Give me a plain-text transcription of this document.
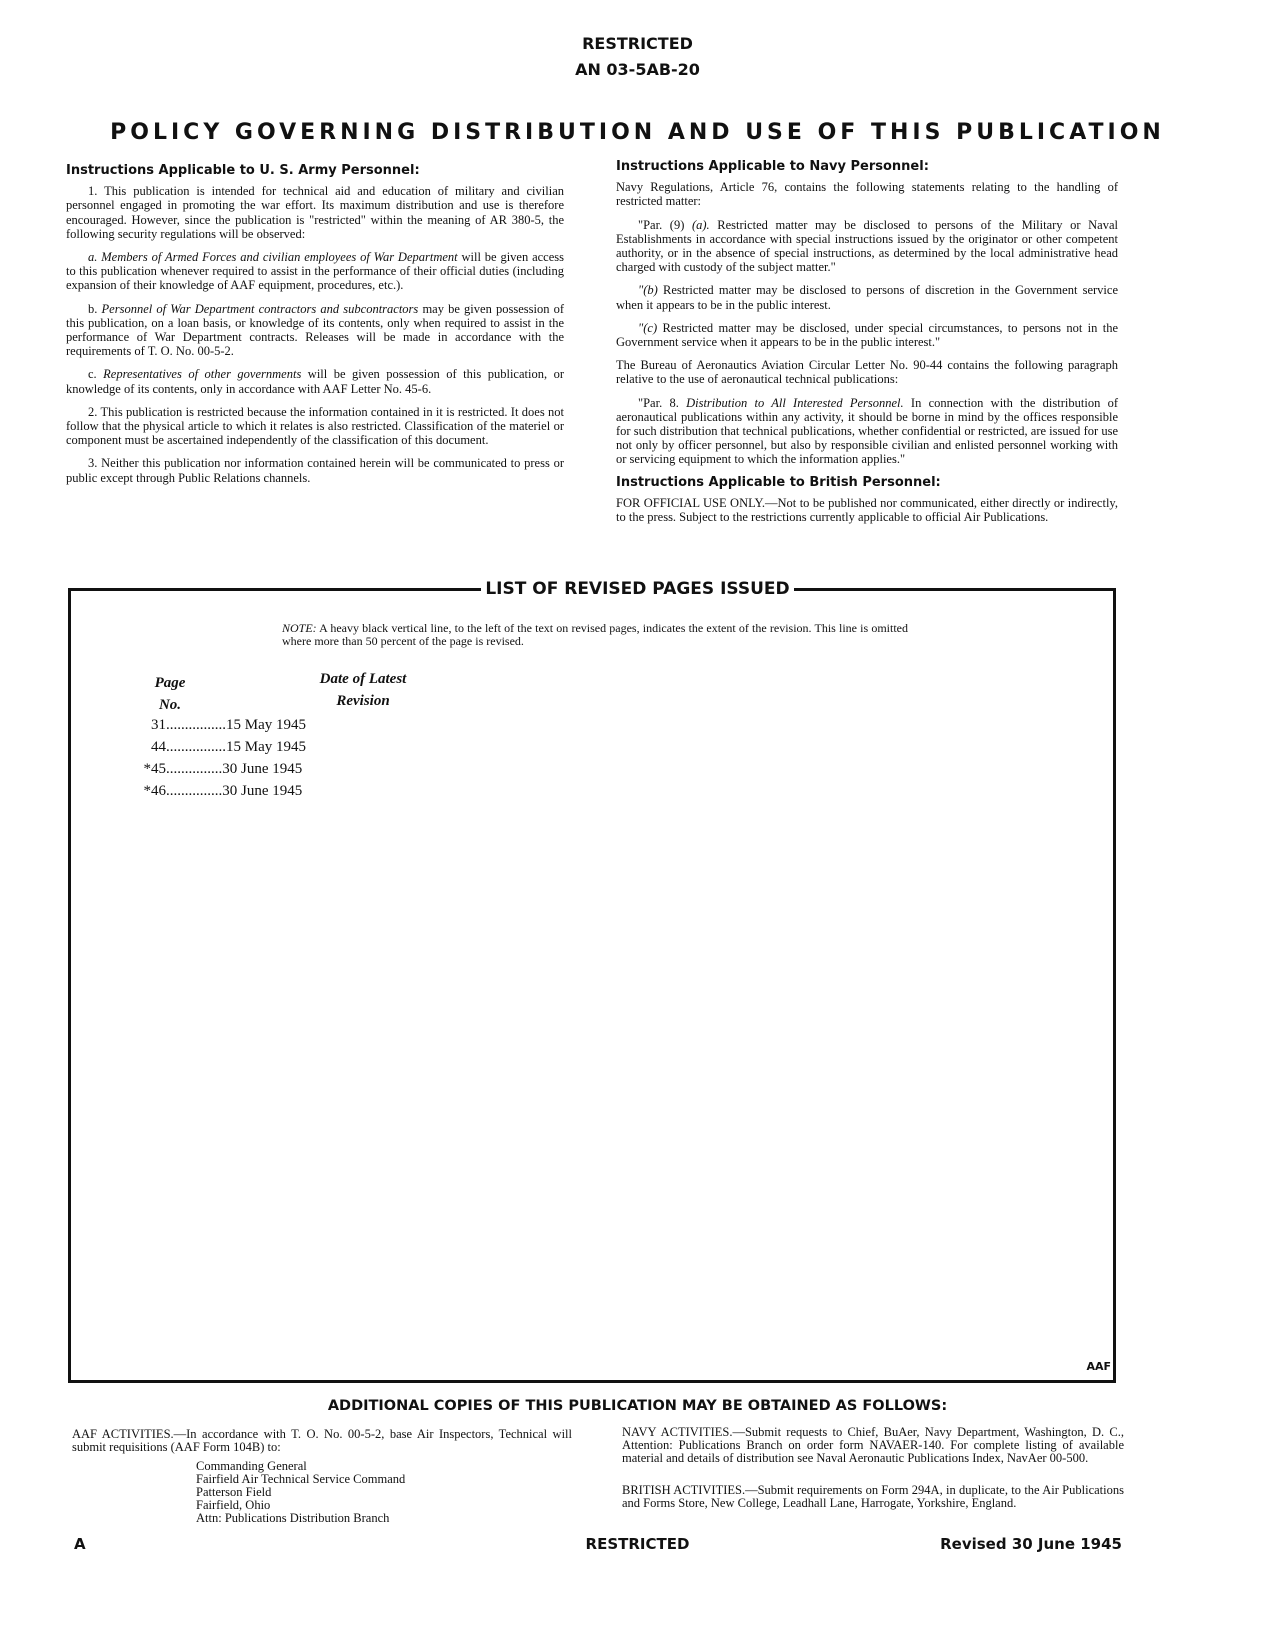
RESTRICTED
AN 03-5AB-20
POLICY GOVERNING DISTRIBUTION AND USE OF THIS PUBLICATION
Instructions Applicable to U. S. Army Personnel:

1. This publication is intended for technical aid and education of military and civilian personnel engaged in promoting the war effort. Its maximum distribution and use is therefore encouraged. However, since the publication is "restricted" within the meaning of AR 380-5, the following security regulations will be observed:

a. Members of Armed Forces and civilian employees of War Department will be given access to this publication whenever required to assist in the performance of their official duties (including expansion of their knowledge of AAF equipment, procedures, etc.).

b. Personnel of War Department contractors and subcontractors may be given possession of this publication, on a loan basis, or knowledge of its contents, only when required to assist in the performance of War Department contracts. Releases will be made in accordance with the requirements of T. O. No. 00-5-2.

c. Representatives of other governments will be given possession of this publication, or knowledge of its contents, only in accordance with AAF Letter No. 45-6.

2. This publication is restricted because the information contained in it is restricted. It does not follow that the physical article to which it relates is also restricted. Classification of the materiel or component must be ascertained independently of the classification of this document.

3. Neither this publication nor information contained herein will be communicated to press or public except through Public Relations channels.

Instructions Applicable to Navy Personnel:

Navy Regulations, Article 76, contains the following statements relating to the handling of restricted matter:

"Par. (9) (a). Restricted matter may be disclosed to persons of the Military or Naval Establishments in accordance with special instructions issued by the originator or other competent authority, or in the absence of special instructions, as determined by the local administrative head charged with custody of the subject matter."

"(b) Restricted matter may be disclosed to persons of discretion in the Government service when it appears to be in the public interest.

"(c) Restricted matter may be disclosed, under special circumstances, to persons not in the Government service when it appears to be in the public interest."

The Bureau of Aeronautics Aviation Circular Letter No. 90-44 contains the following paragraph relative to the use of aeronautical technical publications:

"Par. 8. Distribution to All Interested Personnel. In connection with the distribution of aeronautical publications within any activity, it should be borne in mind by the offices responsible for such distribution that technical publications, whether confidential or restricted, are issued for use not only by officer personnel, but also by responsible civilian and enlisted personnel working with or servicing equipment to which the information applies."

Instructions Applicable to British Personnel:

FOR OFFICIAL USE ONLY.—Not to be published nor communicated, either directly or indirectly, to the press. Subject to the restrictions currently applicable to official Air Publications.

LIST OF REVISED PAGES ISSUED
NOTE: A heavy black vertical line, to the left of the text on revised pages, indicates the extent of the revision. This line is omitted where more than 50 percent of the page is revised.
Page
No.
Date of Latest
Revision
31................15 May 1945
44................15 May 1945
*45...............30 June 1945
*46...............30 June 1945
AAF
ADDITIONAL COPIES OF THIS PUBLICATION MAY BE OBTAINED AS FOLLOWS:
AAF ACTIVITIES.—In accordance with T. O. No. 00-5-2, base Air Inspectors, Technical will submit requisitions (AAF Form 104B) to:
Commanding General
Fairfield Air Technical Service Command
Patterson Field
Fairfield, Ohio
Attn: Publications Distribution Branch
NAVY ACTIVITIES.—Submit requests to Chief, BuAer, Navy Department, Washington, D. C., Attention: Publications Branch on order form NAVAER-140. For complete listing of available material and details of distribution see Naval Aeronautic Publications Index, NavAer 00-500.
BRITISH ACTIVITIES.—Submit requirements on Form 294A, in duplicate, to the Air Publications and Forms Store, New College, Leadhall Lane, Harrogate, Yorkshire, England.
A	RESTRICTED	Revised 30 June 1945
